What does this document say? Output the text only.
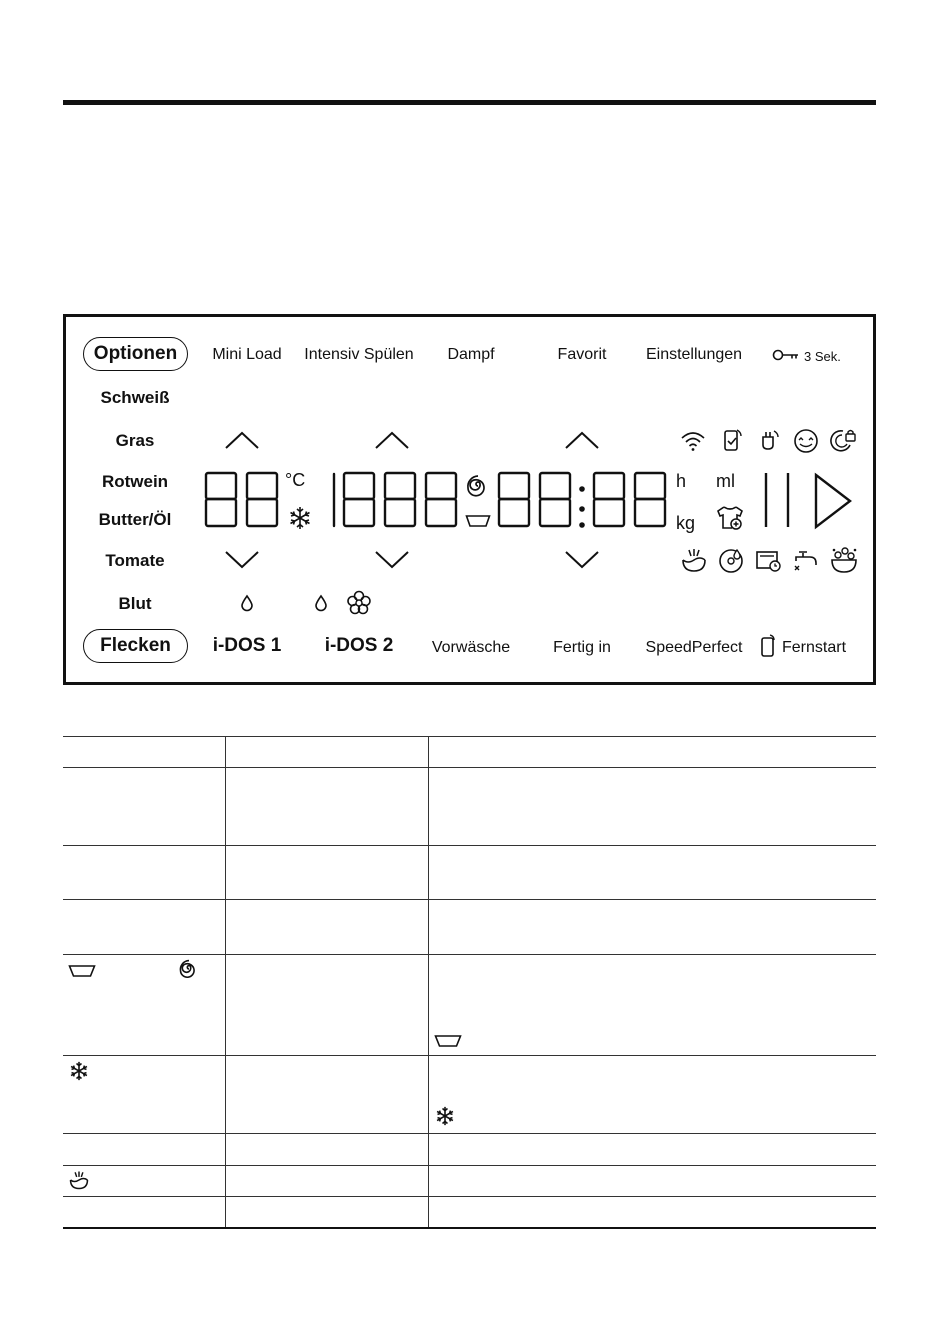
Optionen	Mini Load Intensiv Spülen Dampf	Favorit Einstellungen	3 Sek.
Schweiß
Gras
Rotwein
Butter/Öl
Tomate
Blut
°C	h ml
kg
Flecken	i-DOS 1 i-DOS 2 Vorwäsche	Fertig in SpeedPerfect Fernstart
